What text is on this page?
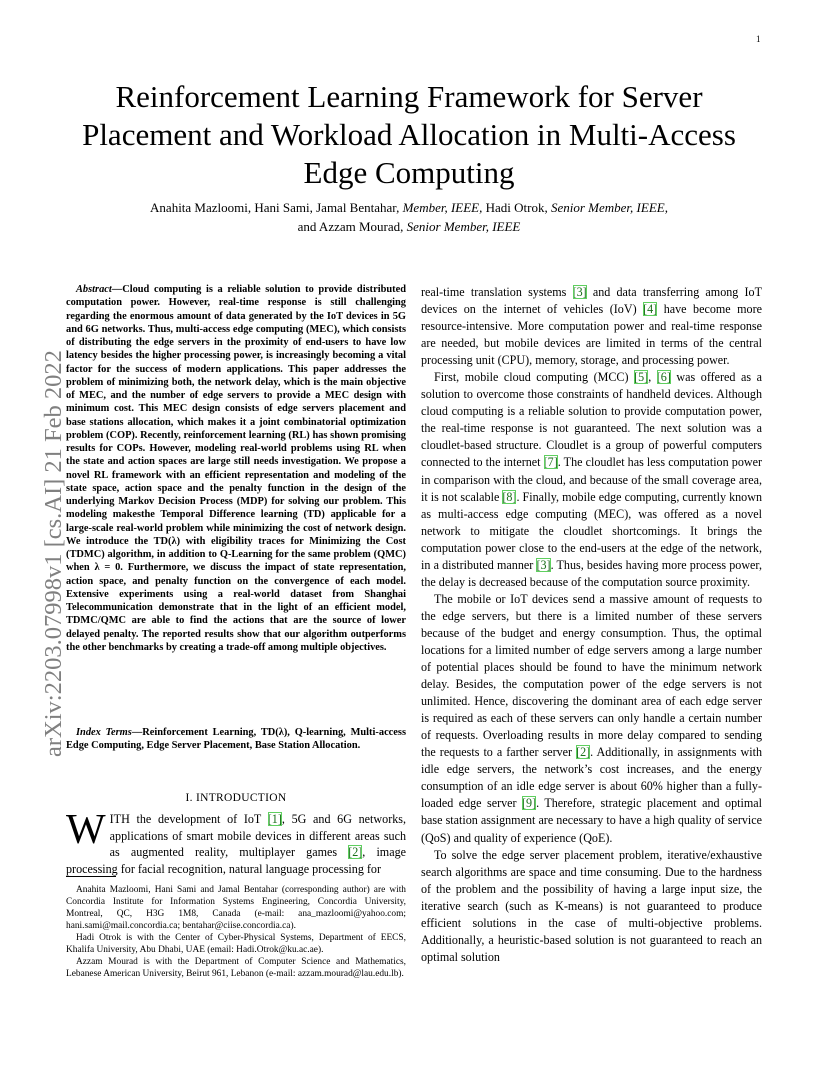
1
arXiv:2203.07998v1 [cs.AI] 21 Feb 2022
Reinforcement Learning Framework for Server Placement and Workload Allocation in Multi-Access Edge Computing
Anahita Mazloomi, Hani Sami, Jamal Bentahar, Member, IEEE, Hadi Otrok, Senior Member, IEEE,
and Azzam Mourad, Senior Member, IEEE

Abstract—Cloud computing is a reliable solution to provide distributed computation power. However, real-time response is still challenging regarding the enormous amount of data generated by the IoT devices in 5G and 6G networks. Thus, multi-access edge computing (MEC), which consists of distributing the edge servers in the proximity of end-users to have low latency besides the higher processing power, is increasingly becoming a vital factor for the success of modern applications. This paper addresses the problem of minimizing both, the network delay, which is the main objective of MEC, and the number of edge servers to provide a MEC design with minimum cost. This MEC design consists of edge servers placement and base stations allocation, which makes it a joint combinatorial optimization problem (COP). Recently, reinforcement learning (RL) has shown promising results for COPs. However, modeling real-world problems using RL when the state and action spaces are large still needs investigation. We propose a novel RL framework with an efficient representation and modeling of the state space, action space and the penalty function in the design of the underlying Markov Decision Process (MDP) for solving our problem. This modeling makesthe Temporal Difference learning (TD) applicable for a large-scale real-world problem while minimizing the cost of network design. We introduce the TD(λ) with eligibility traces for Minimizing the Cost (TDMC) algorithm, in addition to Q-Learning for the same problem (QMC) when λ = 0. Furthermore, we discuss the impact of state representation, action space, and penalty function on the convergence of each model. Extensive experiments using a real-world dataset from Shanghai Telecommunication demonstrate that in the light of an efficient model, TDMC/QMC are able to find the actions that are the source of lower delayed penalty. The reported results show that our algorithm outperforms the other benchmarks by creating a trade-off among multiple objectives.

Index Terms—Reinforcement Learning, TD(λ), Q-learning, Multi-access Edge Computing, Edge Server Placement, Base Station Allocation.

I. INTRODUCTION

WITH the development of IoT [1], 5G and 6G networks, applications of smart mobile devices in different areas such as augmented reality, multiplayer games [2], image processing for facial recognition, natural language processing for

Anahita Mazloomi, Hani Sami and Jamal Bentahar (corresponding author) are with Concordia Institute for Information Systems Engineering, Concordia University, Montreal, QC, H3G 1M8, Canada (e-mail: ana_mazloomi@yahoo.com; hani.sami@mail.concordia.ca; bentahar@ciise.concordia.ca).

Hadi Otrok is with the Center of Cyber-Physical Systems, Department of EECS, Khalifa University, Abu Dhabi, UAE (email: Hadi.Otrok@ku.ac.ae).

Azzam Mourad is with the Department of Computer Science and Mathematics, Lebanese American University, Beirut 961, Lebanon (e-mail: azzam.mourad@lau.edu.lb).

real-time translation systems [3] and data transferring among IoT devices on the internet of vehicles (IoV) [4] have become more resource-intensive. More computation power and real-time response are needed, but mobile devices are limited in terms of the central processing unit (CPU), memory, storage, and processing power.

First, mobile cloud computing (MCC) [5], [6] was offered as a solution to overcome those constraints of handheld devices. Although cloud computing is a reliable solution to provide computation power, the real-time response is not guaranteed. The next solution was a cloudlet-based structure. Cloudlet is a group of powerful computers connected to the internet [7]. The cloudlet has less computation power in comparison with the cloud, and because of the small coverage area, it is not scalable [8]. Finally, mobile edge computing, currently known as multi-access edge computing (MEC), was offered as a novel network to mitigate the cloudlet shortcomings. It brings the computation power close to the end-users at the edge of the network, in a distributed manner [3]. Thus, besides having more process power, the delay is decreased because of the computation source proximity.

The mobile or IoT devices send a massive amount of requests to the edge servers, but there is a limited number of these servers because of the budget and energy consumption. Thus, the optimal locations for a limited number of edge servers among a large number of potential places should be found to have the minimum network delay. Besides, the computation power of the edge servers is not unlimited. Hence, discovering the dominant area of each edge server is required as each of these servers can only handle a certain number of requests. Overloading results in more delay compared to sending the requests to a farther server [2]. Additionally, in assignments with idle edge servers, the network’s cost increases, and the energy consumption of an idle edge server is about 60% higher than a fully-loaded edge server [9]. Therefore, strategic placement and optimal base station assignment are necessary to have a high quality of service (QoS) and quality of experience (QoE).

To solve the edge server placement problem, iterative/exhaustive search algorithms are space and time consuming. Due to the hardness of the problem and the possibility of having a large input size, the iterative search (such as K-means) is not guaranteed to produce efficient solutions in the case of multi-objective problems. Additionally, a heuristic-based solution is not guaranteed to reach an optimal solution
